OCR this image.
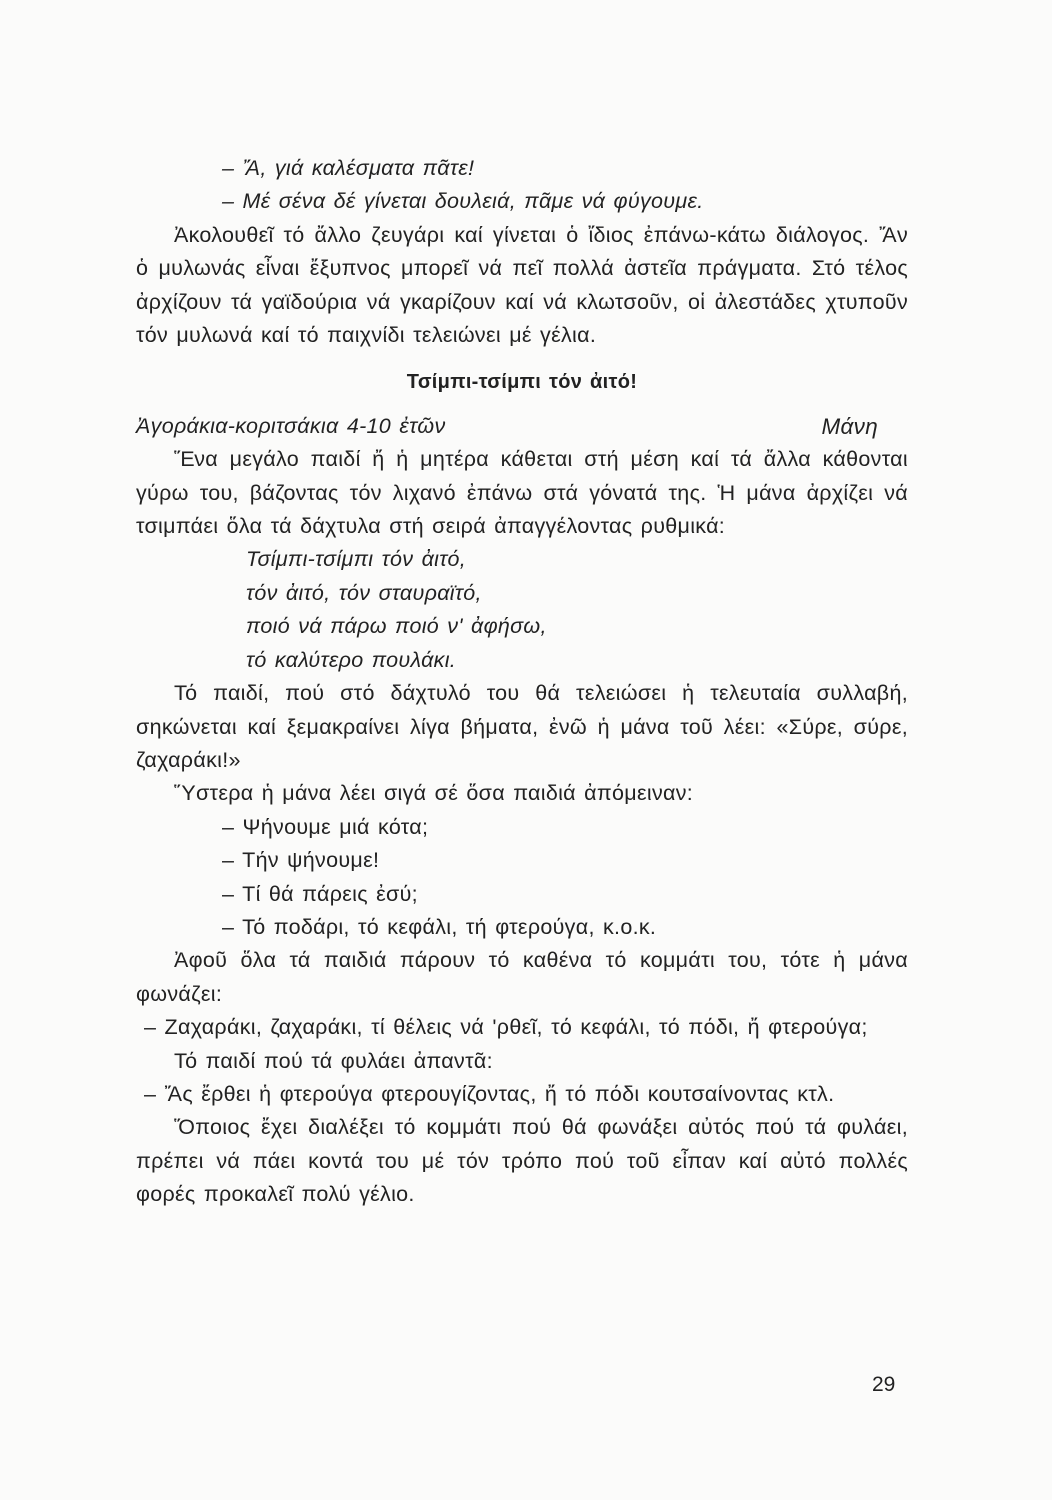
– Ἄ, γιά καλέσματα πᾶτε!

– Μέ σένα δέ γίνεται δουλειά, πᾶμε νά φύγουμε.

Ἀκολουθεῖ τό ἄλλο ζευγάρι καί γίνεται ὁ ἴδιος ἐπάνω-κάτω διάλογος. Ἄν ὁ μυλωνάς εἶναι ἔξυπνος μπορεῖ νά πεῖ πολλά ἀστεῖα πράγματα. Στό τέλος ἀρχίζουν τά γαϊδούρια νά γκαρίζουν καί νά κλωτσοῦν, οἱ ἀλεστάδες χτυποῦν τόν μυλωνά καί τό παιχνίδι τελειώνει μέ γέλια.

Τσίμπι-τσίμπι τόν ἀιτό!

Ἀγοράκια-κοριτσάκια 4-10 ἐτῶν	Μάνη

Ἕνα μεγάλο παιδί ἤ ἡ μητέρα κάθεται στή μέση καί τά ἄλλα κάθονται γύρω του, βάζοντας τόν λιχανό ἐπάνω στά γόνατά της. Ἡ μάνα ἀρχίζει νά τσιμπάει ὅλα τά δάχτυλα στή σειρά ἀπαγγέλοντας ρυθμικά:

Τσίμπι-τσίμπι τόν ἀιτό,

τόν ἀιτό, τόν σταυραϊτό,

ποιό νά πάρω ποιό ν' ἀφήσω,

τό καλύτερο πουλάκι.

Τό παιδί, πού στό δάχτυλό του θά τελειώσει ἡ τελευταία συλλαβή, σηκώνεται καί ξεμακραίνει λίγα βήματα, ἐνῶ ἡ μάνα τοῦ λέει: «Σύρε, σύρε, ζαχαράκι!»

Ὕστερα ἡ μάνα λέει σιγά σέ ὅσα παιδιά ἀπόμειναν:

– Ψήνουμε μιά κότα;

– Τήν ψήνουμε!

– Τί θά πάρεις ἐσύ;

– Τό ποδάρι, τό κεφάλι, τή φτερούγα, κ.ο.κ.

Ἀφοῦ ὅλα τά παιδιά πάρουν τό καθένα τό κομμάτι του, τότε ἡ μάνα φωνάζει:

– Ζαχαράκι, ζαχαράκι, τί θέλεις νά 'ρθεῖ, τό κεφάλι, τό πόδι, ἤ φτερούγα;

Τό παιδί πού τά φυλάει ἀπαντᾶ:

– Ἄς ἔρθει ἡ φτερούγα φτερουγίζοντας, ἤ τό πόδι κουτσαίνοντας κτλ.

Ὅποιος ἔχει διαλέξει τό κομμάτι πού θά φωνάξει αὐτός πού τά φυλάει, πρέπει νά πάει κοντά του μέ τόν τρόπο πού τοῦ εἶπαν καί αὐτό πολλές φορές προκαλεῖ πολύ γέλιο.

29
